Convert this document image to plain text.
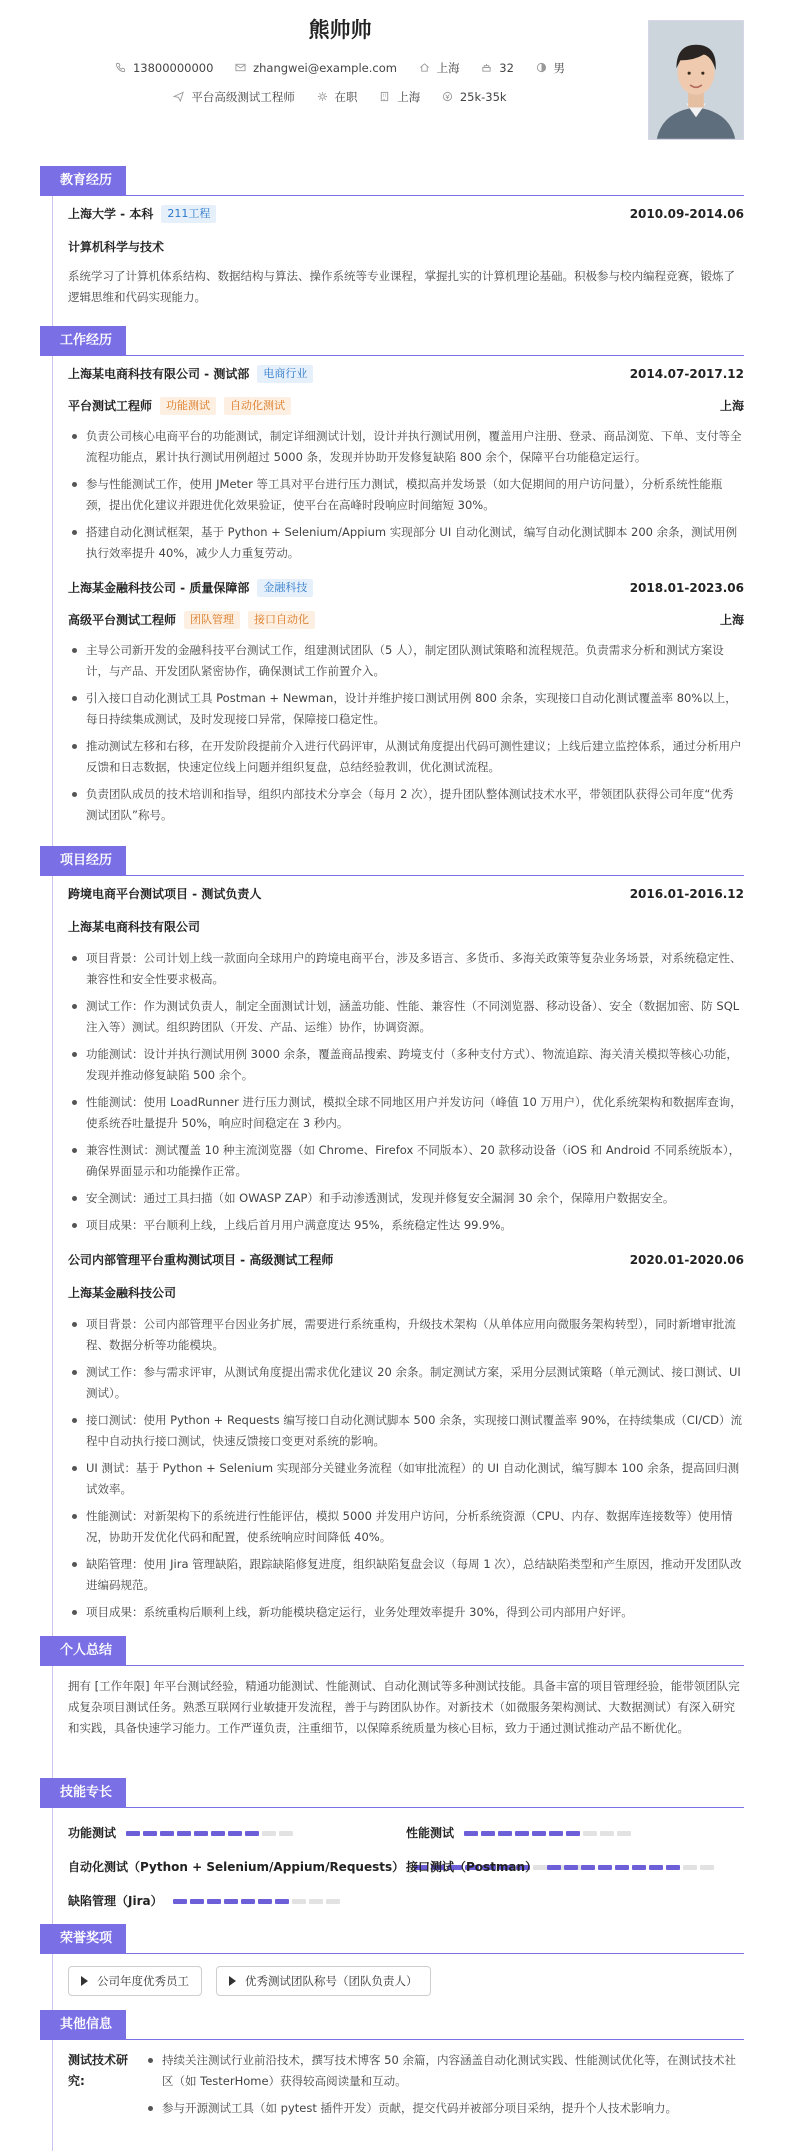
熊帅帅
13800000000	zhangwei@example.com	上海	32	男
平台高级测试工程师	在职	上海	25k-35k
教育经历
上海大学 - 本科	211工程	2010.09-2014.06
计算机科学与技术
系统学习了计算机体系结构、数据结构与算法、操作系统等专业课程，掌握扎实的计算机理论基础。积极参与校内编程竞赛，锻炼了逻辑思维和代码实现能力。
工作经历
上海某电商科技有限公司 - 测试部	电商行业	2014.07-2017.12
平台测试工程师	功能测试	自动化测试	上海
负责公司核心电商平台的功能测试，制定详细测试计划，设计并执行测试用例，覆盖用户注册、登录、商品浏览、下单、支付等全流程功能点，累计执行测试用例超过 5000 条，发现并协助开发修复缺陷 800 余个，保障平台功能稳定运行。
参与性能测试工作，使用 JMeter 等工具对平台进行压力测试，模拟高并发场景（如大促期间的用户访问量），分析系统性能瓶颈，提出优化建议并跟进优化效果验证，使平台在高峰时段响应时间缩短 30%。
搭建自动化测试框架，基于 Python + Selenium/Appium 实现部分 UI 自动化测试，编写自动化测试脚本 200 余条，测试用例执行效率提升 40%，减少人力重复劳动。
上海某金融科技公司 - 质量保障部	金融科技	2018.01-2023.06
高级平台测试工程师	团队管理	接口自动化	上海
主导公司新开发的金融科技平台测试工作，组建测试团队（5 人），制定团队测试策略和流程规范。负责需求分析和测试方案设计，与产品、开发团队紧密协作，确保测试工作前置介入。
引入接口自动化测试工具 Postman + Newman，设计并维护接口测试用例 800 余条，实现接口自动化测试覆盖率 80%以上，每日持续集成测试，及时发现接口异常，保障接口稳定性。
推动测试左移和右移，在开发阶段提前介入进行代码评审，从测试角度提出代码可测性建议；上线后建立监控体系，通过分析用户反馈和日志数据，快速定位线上问题并组织复盘，总结经验教训，优化测试流程。
负责团队成员的技术培训和指导，组织内部技术分享会（每月 2 次），提升团队整体测试技术水平，带领团队获得公司年度“优秀测试团队”称号。
项目经历
跨境电商平台测试项目 - 测试负责人	2016.01-2016.12
上海某电商科技有限公司
项目背景：公司计划上线一款面向全球用户的跨境电商平台，涉及多语言、多货币、多海关政策等复杂业务场景，对系统稳定性、兼容性和安全性要求极高。
测试工作：作为测试负责人，制定全面测试计划，涵盖功能、性能、兼容性（不同浏览器、移动设备）、安全（数据加密、防 SQL 注入等）测试。组织跨团队（开发、产品、运维）协作，协调资源。
功能测试：设计并执行测试用例 3000 余条，覆盖商品搜索、跨境支付（多种支付方式）、物流追踪、海关清关模拟等核心功能，发现并推动修复缺陷 500 余个。
性能测试：使用 LoadRunner 进行压力测试，模拟全球不同地区用户并发访问（峰值 10 万用户），优化系统架构和数据库查询，使系统吞吐量提升 50%，响应时间稳定在 3 秒内。
兼容性测试：测试覆盖 10 种主流浏览器（如 Chrome、Firefox 不同版本）、20 款移动设备（iOS 和 Android 不同系统版本），确保界面显示和功能操作正常。
安全测试：通过工具扫描（如 OWASP ZAP）和手动渗透测试，发现并修复安全漏洞 30 余个，保障用户数据安全。
项目成果：平台顺利上线，上线后首月用户满意度达 95%，系统稳定性达 99.9%。
公司内部管理平台重构测试项目 - 高级测试工程师	2020.01-2020.06
上海某金融科技公司
项目背景：公司内部管理平台因业务扩展，需要进行系统重构，升级技术架构（从单体应用向微服务架构转型），同时新增审批流程、数据分析等功能模块。
测试工作：参与需求评审，从测试角度提出需求优化建议 20 余条。制定测试方案，采用分层测试策略（单元测试、接口测试、UI 测试）。
接口测试：使用 Python + Requests 编写接口自动化测试脚本 500 余条，实现接口测试覆盖率 90%，在持续集成（CI/CD）流程中自动执行接口测试，快速反馈接口变更对系统的影响。
UI 测试：基于 Python + Selenium 实现部分关键业务流程（如审批流程）的 UI 自动化测试，编写脚本 100 余条，提高回归测试效率。
性能测试：对新架构下的系统进行性能评估，模拟 5000 并发用户访问，分析系统资源（CPU、内存、数据库连接数等）使用情况，协助开发优化代码和配置，使系统响应时间降低 40%。
缺陷管理：使用 Jira 管理缺陷，跟踪缺陷修复进度，组织缺陷复盘会议（每周 1 次），总结缺陷类型和产生原因，推动开发团队改进编码规范。
项目成果：系统重构后顺利上线，新功能模块稳定运行，业务处理效率提升 30%，得到公司内部用户好评。
个人总结
拥有 [工作年限] 年平台测试经验，精通功能测试、性能测试、自动化测试等多种测试技能。具备丰富的项目管理经验，能带领团队完成复杂项目测试任务。熟悉互联网行业敏捷开发流程，善于与跨团队协作。对新技术（如微服务架构测试、大数据测试）有深入研究和实践，具备快速学习能力。工作严谨负责，注重细节，以保障系统质量为核心目标，致力于通过测试推动产品不断优化。
技能专长
功能测试	性能测试
自动化测试（Python + Selenium/Appium/Requests） 接口测试（Postman）
缺陷管理（Jira）
荣誉奖项
公司年度优秀员工	优秀测试团队称号（团队负责人）
其他信息
测试技术研究:
持续关注测试行业前沿技术，撰写技术博客 50 余篇，内容涵盖自动化测试实践、性能测试优化等，在测试技术社区（如 TesterHome）获得较高阅读量和互动。
参与开源测试工具（如 pytest 插件开发）贡献，提交代码并被部分项目采纳，提升个人技术影响力。
